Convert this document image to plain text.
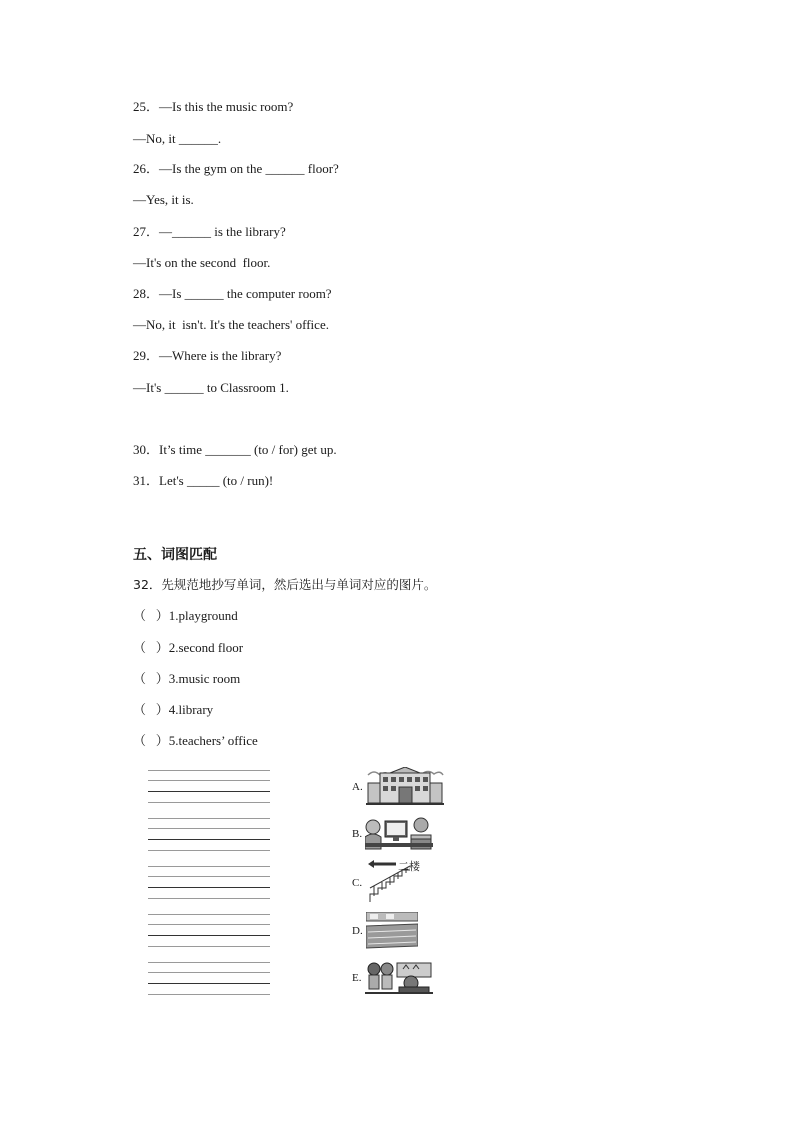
25．—Is this the music room?
—No, it ______.
26．—Is the gym on the ______ floor?
—Yes, it is.
27．—______ is the library?
—It's on the second  floor.
28．—Is ______ the computer room?
—No, it  isn't. It's the teachers' office.
29．—Where is the library?
—It's ______ to Classroom 1.
30．It’s time _______ (to / for) get up.
31．Let's _____ (to / run)!
五、词图匹配
32．先规范地抄写单词，然后选出与单词对应的图片。
（   ）1.playground
（   ）2.second floor
（   ）3.music room
（   ）4.library
（   ）5.teachers’ office
A.
B.
C.
D.
E.
二楼
